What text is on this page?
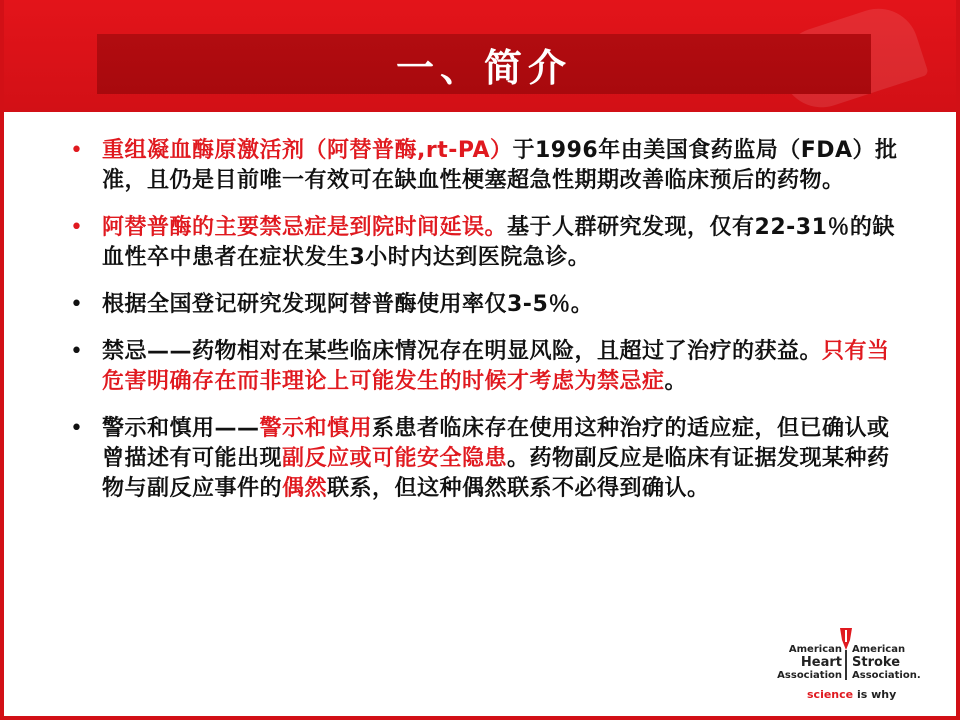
一、简介
• 重组凝血酶原激活剂（阿替普酶,rt-PA）于1996年由美国食药监局（FDA）批准，且仍是目前唯一有效可在缺血性梗塞超急性期期改善临床预后的药物。
• 阿替普酶的主要禁忌症是到院时间延误。基于人群研究发现，仅有22-31％的缺血性卒中患者在症状发生3小时内达到医院急诊。
• 根据全国登记研究发现阿替普酶使用率仅3-5％。
• 禁忌——药物相对在某些临床情况存在明显风险，且超过了治疗的获益。只有当危害明确存在而非理论上可能发生的时候才考虑为禁忌症。
• 警示和慎用——警示和慎用系患者临床存在使用这种治疗的适应症，但已确认或曾描述有可能出现副反应或可能安全隐患。药物副反应是临床有证据发现某种药物与副反应事件的偶然联系，但这种偶然联系不必得到确认。
American
Heart
Association
American
Stroke
Association.
science is why
